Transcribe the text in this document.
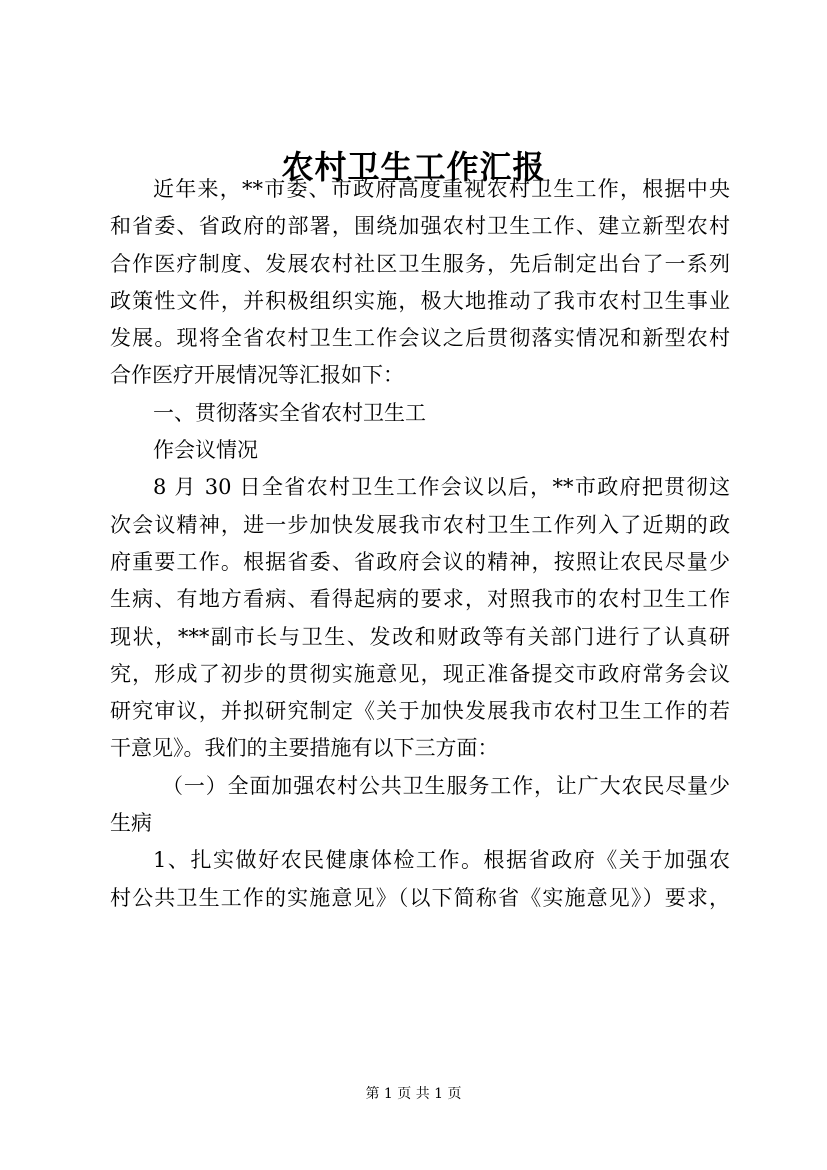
农村卫生工作汇报
近年来，**市委、市政府高度重视农村卫生工作，根据中央
和省委、省政府的部署，围绕加强农村卫生工作、建立新型农村
合作医疗制度、发展农村社区卫生服务，先后制定出台了一系列
政策性文件，并积极组织实施，极大地推动了我市农村卫生事业
发展。现将全省农村卫生工作会议之后贯彻落实情况和新型农村
合作医疗开展情况等汇报如下：
一、贯彻落实全省农村卫生工
作会议情况
8 月 30 日全省农村卫生工作会议以后，**市政府把贯彻这
次会议精神，进一步加快发展我市农村卫生工作列入了近期的政
府重要工作。根据省委、省政府会议的精神，按照让农民尽量少
生病、有地方看病、看得起病的要求，对照我市的农村卫生工作
现状，***副市长与卫生、发改和财政等有关部门进行了认真研
究，形成了初步的贯彻实施意见，现正准备提交市政府常务会议
研究审议，并拟研究制定《关于加快发展我市农村卫生工作的若
干意见》。我们的主要措施有以下三方面：
（一）全面加强农村公共卫生服务工作，让广大农民尽量少
生病
1、扎实做好农民健康体检工作。根据省政府《关于加强农
村公共卫生工作的实施意见》（以下简称省《实施意见》）要求，
第 1 页 共 1 页
